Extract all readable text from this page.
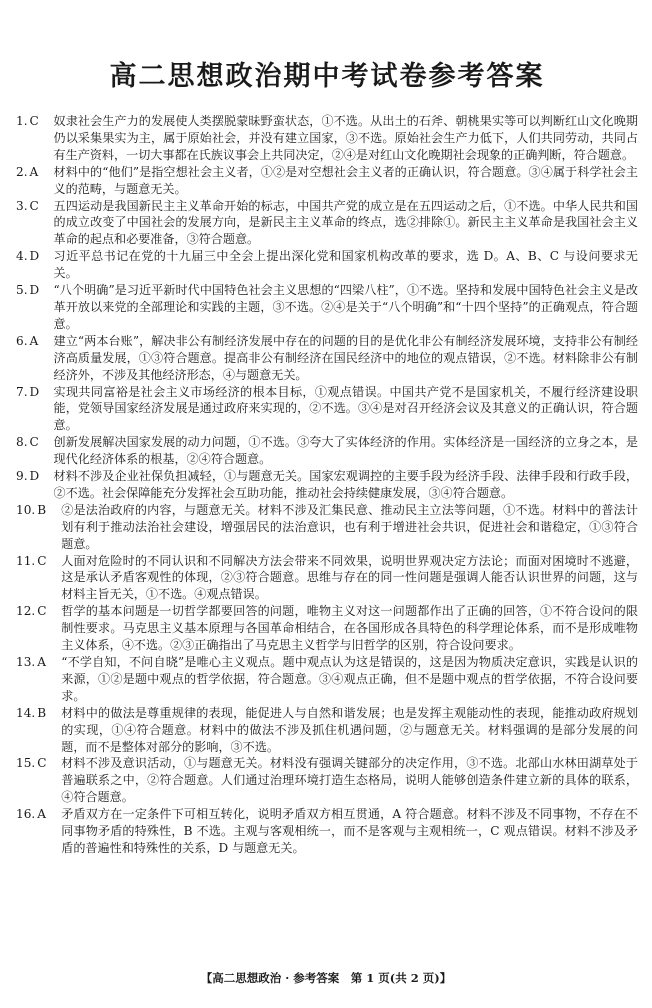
高二思想政治期中考试卷参考答案
1. C	奴隶社会生产力的发展使人类摆脱蒙昧野蛮状态，①不选。从出土的石斧、朝桃果实等可以判断红山文化晚期仍以采集果实为主，属于原始社会，并没有建立国家，③不选。原始社会生产力低下，人们共同劳动，共同占有生产资料，一切大事都在氏族议事会上共同决定，②④是对红山文化晚期社会现象的正确判断，符合题意。
2. A	材料中的“他们”是指空想社会主义者，①②是对空想社会主义者的正确认识，符合题意。③④属于科学社会主义的范畴，与题意无关。
3. C	五四运动是我国新民主主义革命开始的标志，中国共产党的成立是在五四运动之后，①不选。中华人民共和国的成立改变了中国社会的发展方向，是新民主主义革命的终点，选②排除①。新民主主义革命是我国社会主义革命的起点和必要准备，③符合题意。
4. D	习近平总书记在党的十九届三中全会上提出深化党和国家机构改革的要求，选 D。A、B、C 与设问要求无关。
5. D	“八个明确”是习近平新时代中国特色社会主义思想的“四梁八柱”，①不选。坚持和发展中国特色社会主义是改革开放以来党的全部理论和实践的主题，③不选。②④是关于“八个明确”和“十四个坚持”的正确观点，符合题意。
6. A	建立“两本台账”，解决非公有制经济发展中存在的问题的目的是优化非公有制经济发展环境，支持非公有制经济高质量发展，①③符合题意。提高非公有制经济在国民经济中的地位的观点错误，②不选。材料除非公有制经济外，不涉及其他经济形态，④与题意无关。
7. D	实现共同富裕是社会主义市场经济的根本目标，①观点错误。中国共产党不是国家机关，不履行经济建设职能，党领导国家经济发展是通过政府来实现的，②不选。③④是对召开经济会议及其意义的正确认识，符合题意。
8. C	创新发展解决国家发展的动力问题，①不选。③夸大了实体经济的作用。实体经济是一国经济的立身之本，是现代化经济体系的根基，②④符合题意。
9. D	材料不涉及企业社保负担减轻，①与题意无关。国家宏观调控的主要手段为经济手段、法律手段和行政手段，②不选。社会保障能充分发挥社会互助功能，推动社会持续健康发展，③④符合题意。
10. B	②是法治政府的内容，与题意无关。材料不涉及汇集民意、推动民主立法等问题，①不选。材料中的普法计划有利于推动法治社会建设，增强居民的法治意识，也有利于增进社会共识，促进社会和谐稳定，①③符合题意。
11. C	人面对危险时的不同认识和不同解决方法会带来不同效果，说明世界观决定方法论；而面对困境时不逃避，这是承认矛盾客观性的体现，②③符合题意。思维与存在的同一性问题是强调人能否认识世界的问题，这与材料主旨无关，①不选。④观点错误。
12. C	哲学的基本问题是一切哲学都要回答的问题，唯物主义对这一问题都作出了正确的回答，①不符合设问的限制性要求。马克思主义基本原理与各国革命相结合，在各国形成各具特色的科学理论体系，而不是形成唯物主义体系，④不选。②③正确指出了马克思主义哲学与旧哲学的区别，符合设问要求。
13. A	“不学自知，不问自晓”是唯心主义观点。题中观点认为这是错误的，这是因为物质决定意识，实践是认识的来源，①②是题中观点的哲学依据，符合题意。③④观点正确，但不是题中观点的哲学依据，不符合设问要求。
14. B	材料中的做法是尊重规律的表现，能促进人与自然和谐发展；也是发挥主观能动性的表现，能推动政府规划的实现，①④符合题意。材料中的做法不涉及抓住机遇问题，②与题意无关。材料强调的是部分发展的问题，而不是整体对部分的影响，③不选。
15. C	材料不涉及意识活动，①与题意无关。材料没有强调关键部分的决定作用，③不选。北部山水林田湖草处于普遍联系之中，②符合题意。人们通过治理环境打造生态格局，说明人能够创造条件建立新的具体的联系，④符合题意。
16. A	矛盾双方在一定条件下可相互转化，说明矛盾双方相互贯通，A 符合题意。材料不涉及不同事物，不存在不同事物矛盾的特殊性，B 不选。主观与客观相统一，而不是客观与主观相统一，C 观点错误。材料不涉及矛盾的普遍性和特殊性的关系，D 与题意无关。
【高二思想政治 · 参考答案　第 1 页(共 2 页)】
